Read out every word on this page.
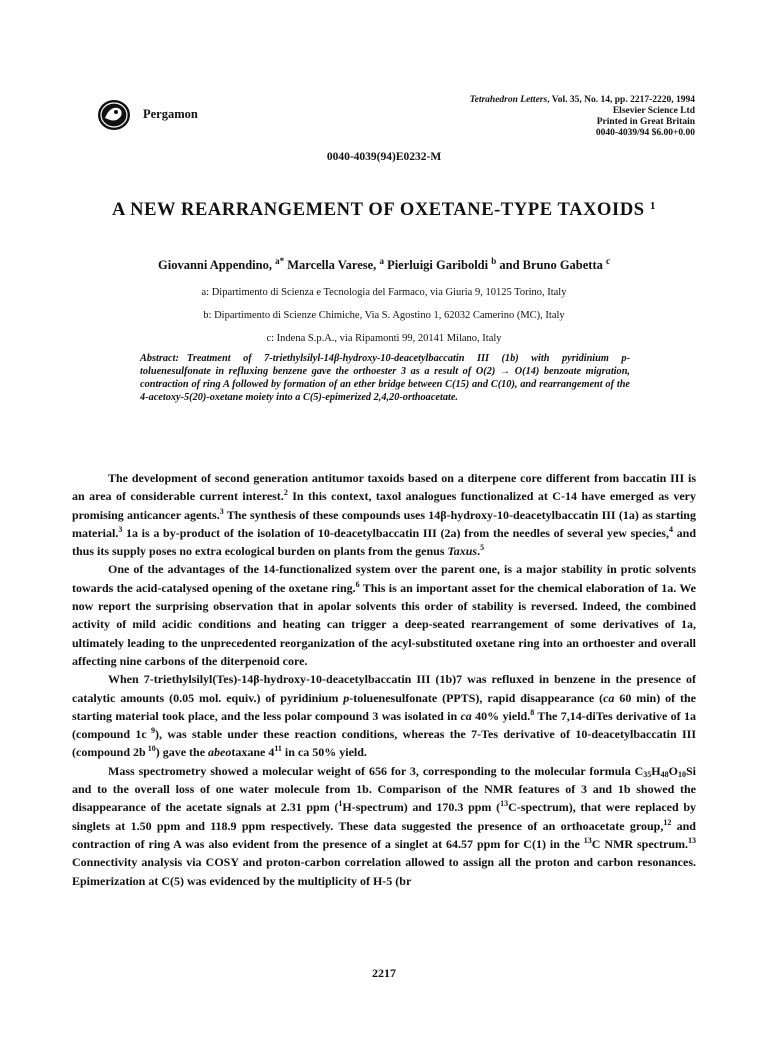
Pergamon
Tetrahedron Letters, Vol. 35, No. 14, pp. 2217-2220, 1994
Elsevier Science Ltd
Printed in Great Britain
0040-4039/94 $6.00+0.00
0040-4039(94)E0232-M
A NEW REARRANGEMENT OF OXETANE-TYPE TAXOIDS $^1$
Giovanni Appendino, $^{a*}$ Marcella Varese, $^a$ Pierluigi Gariboldi $^b$ and Bruno Gabetta $^c$
a: Dipartimento di Scienza e Tecnologia del Farmaco, via Giuria 9, 10125 Torino, Italy
b: Dipartimento di Scienze Chimiche, Via S. Agostino 1, 62032 Camerino (MC), Italy
c: Indena S.p.A., via Ripamonti 99, 20141 Milano, Italy
Abstract: Treatment of 7-triethylsilyl-14β-hydroxy-10-deacetylbaccatin III (1b) with pyridinium p-toluenesulfonate in refluxing benzene gave the orthoester 3 as a result of O(2) → O(14) benzoate migration, contraction of ring A followed by formation of an ether bridge between C(15) and C(10), and rearrangement of the 4-acetoxy-5(20)-oxetane moiety into a C(5)-epimerized 2,4,20-orthoacetate.

The development of second generation antitumor taxoids based on a diterpene core different from baccatin III is an area of considerable current interest.$^2$ In this context, taxol analogues functionalized at C-14 have emerged as very promising anticancer agents.$^3$ The synthesis of these compounds uses 14β-hydroxy-10-deacetylbaccatin III (1a) as starting material.$^3$ 1a is a by-product of the isolation of 10-deacetylbaccatin III (2a) from the needles of several yew species,$^4$ and thus its supply poses no extra ecological burden on plants from the genus Taxus.$^5$

One of the advantages of the 14-functionalized system over the parent one, is a major stability in protic solvents towards the acid-catalysed opening of the oxetane ring.$^6$ This is an important asset for the chemical elaboration of 1a. We now report the surprising observation that in apolar solvents this order of stability is reversed. Indeed, the combined activity of mild acidic conditions and heating can trigger a deep-seated rearrangement of some derivatives of 1a, ultimately leading to the unprecedented reorganization of the acyl-substituted oxetane ring into an orthoester and overall affecting nine carbons of the diterpenoid core.

When 7-triethylsilyl(Tes)-14β-hydroxy-10-deacetylbaccatin III (1b)7 was refluxed in benzene in the presence of catalytic amounts (0.05 mol. equiv.) of pyridinium p-toluenesulfonate (PPTS), rapid disappearance (ca 60 min) of the starting material took place, and the less polar compound 3 was isolated in ca 40% yield.$^8$ The 7,14-diTes derivative of 1a (compound 1c $^9$), was stable under these reaction conditions, whereas the 7-Tes derivative of 10-deacetylbaccatin III (compound 2b $^{10}$) gave the abeotaxane $4^{11}$ in ca 50% yield.

Mass spectrometry showed a molecular weight of 656 for 3, corresponding to the molecular formula $C_{35}H_{48}O_{10}Si$ and to the overall loss of one water molecule from 1b. Comparison of the NMR features of 3 and 1b showed the disappearance of the acetate signals at 2.31 ppm ($^1$H-spectrum) and 170.3 ppm ($^{13}$C-spectrum), that were replaced by singlets at 1.50 ppm and 118.9 ppm respectively. These data suggested the presence of an orthoacetate group,$^{12}$ and contraction of ring A was also evident from the presence of a singlet at 64.57 ppm for C(1) in the $^{13}$C NMR spectrum.$^{13}$ Connectivity analysis via COSY and proton-carbon correlation allowed to assign all the proton and carbon resonances. Epimerization at C(5) was evidenced by the multiplicity of H-5 (br

2217
